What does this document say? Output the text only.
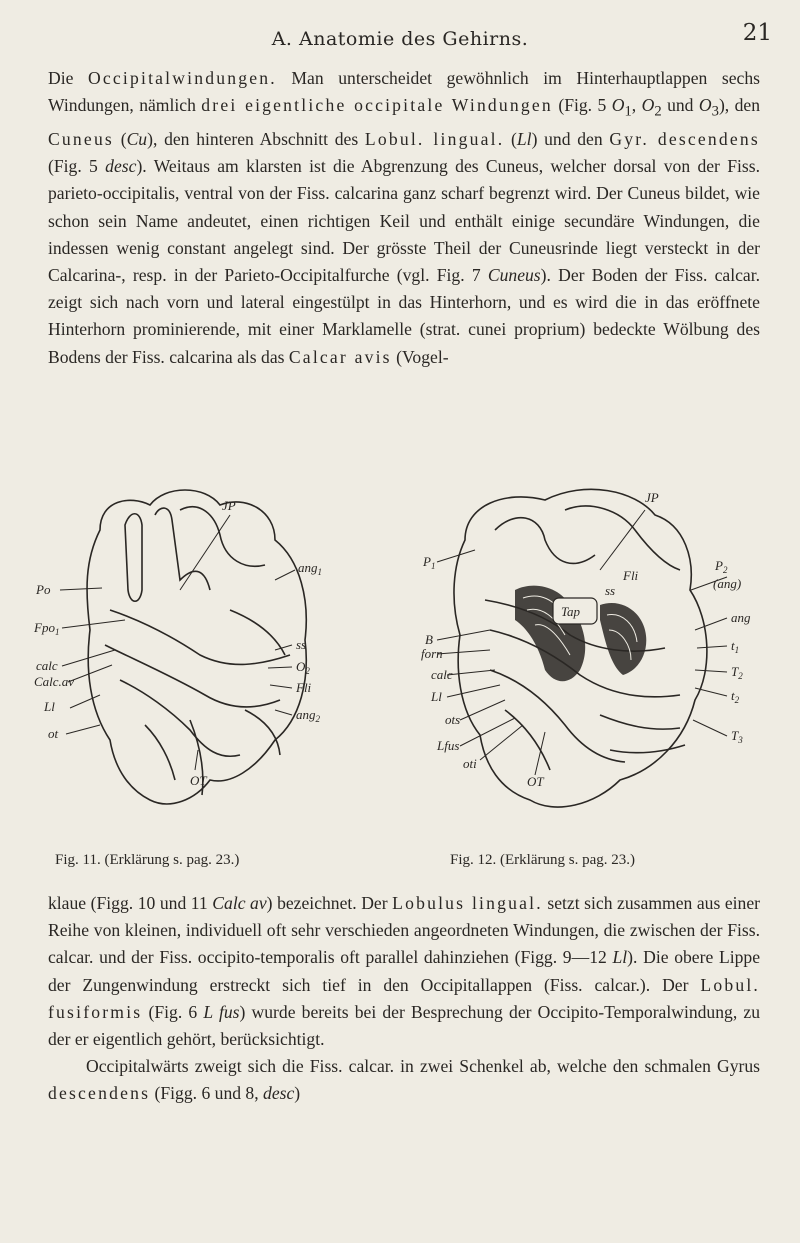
A. Anatomie des Gehirns.	21
Die Occipitalwindungen. Man unterscheidet gewöhnlich im Hinterhauptlappen sechs Windungen, nämlich drei eigentliche occipitale Windungen (Fig. 5 $O_1$, $O_2$ und $O_3$), den Cuneus (Cu), den hinteren Abschnitt des Lobul. lingual. (Ll) und den Gyr. descendens (Fig. 5 desc). Weitaus am klarsten ist die Abgrenzung des Cuneus, welcher dorsal von der Fiss. parieto-occipitalis, ventral von der Fiss. calcarina ganz scharf begrenzt wird. Der Cuneus bildet, wie schon sein Name andeutet, einen richtigen Keil und enthält einige secundäre Windungen, die indessen wenig constant angelegt sind. Der grösste Theil der Cuneusrinde liegt versteckt in der Calcarina-, resp. in der Parieto-Occipitalfurche (vgl. Fig. 7 Cuneus). Der Boden der Fiss. calcar. zeigt sich nach vorn und lateral eingestülpt in das Hinterhorn, und es wird die in das eröffnete Hinterhorn prominierende, mit einer Marklamelle (strat. cunei proprium) bedeckte Wölbung des Bodens der Fiss. calcarina als das Calcar avis (Vogel-
JP
Po
Fpo$_1$
calc
Calc.av
Ll
ot
ang$_1$
ss
$O_2$
Fli
ang$_2$
OT
JP
$P_1$
B
forn
calc
Ll
ots
Lfus
oti
OT
$P_2$
(ang)
Fli
ss
Tap	ang
$t_1$
$T_2$
$t_2$
$T_3$
Fig. 11. (Erklärung s. pag. 23.)	Fig. 12. (Erklärung s. pag. 23.)
klaue (Figg. 10 und 11 Calc av) bezeichnet. Der Lobulus lingual. setzt sich zusammen aus einer Reihe von kleinen, individuell oft sehr verschieden angeordneten Windungen, die zwischen der Fiss. calcar. und der Fiss. occipito-temporalis oft parallel dahinziehen (Figg. 9—12 Ll). Die obere Lippe der Zungenwindung erstreckt sich tief in den Occipitallappen (Fiss. calcar.). Der Lobul. fusiformis (Fig. 6 L fus) wurde bereits bei der Besprechung der Occipito-Temporalwindung, zu der er eigentlich gehört, berücksichtigt.
Occipitalwärts zweigt sich die Fiss. calcar. in zwei Schenkel ab, welche den schmalen Gyrus descendens (Figg. 6 und 8, desc)
